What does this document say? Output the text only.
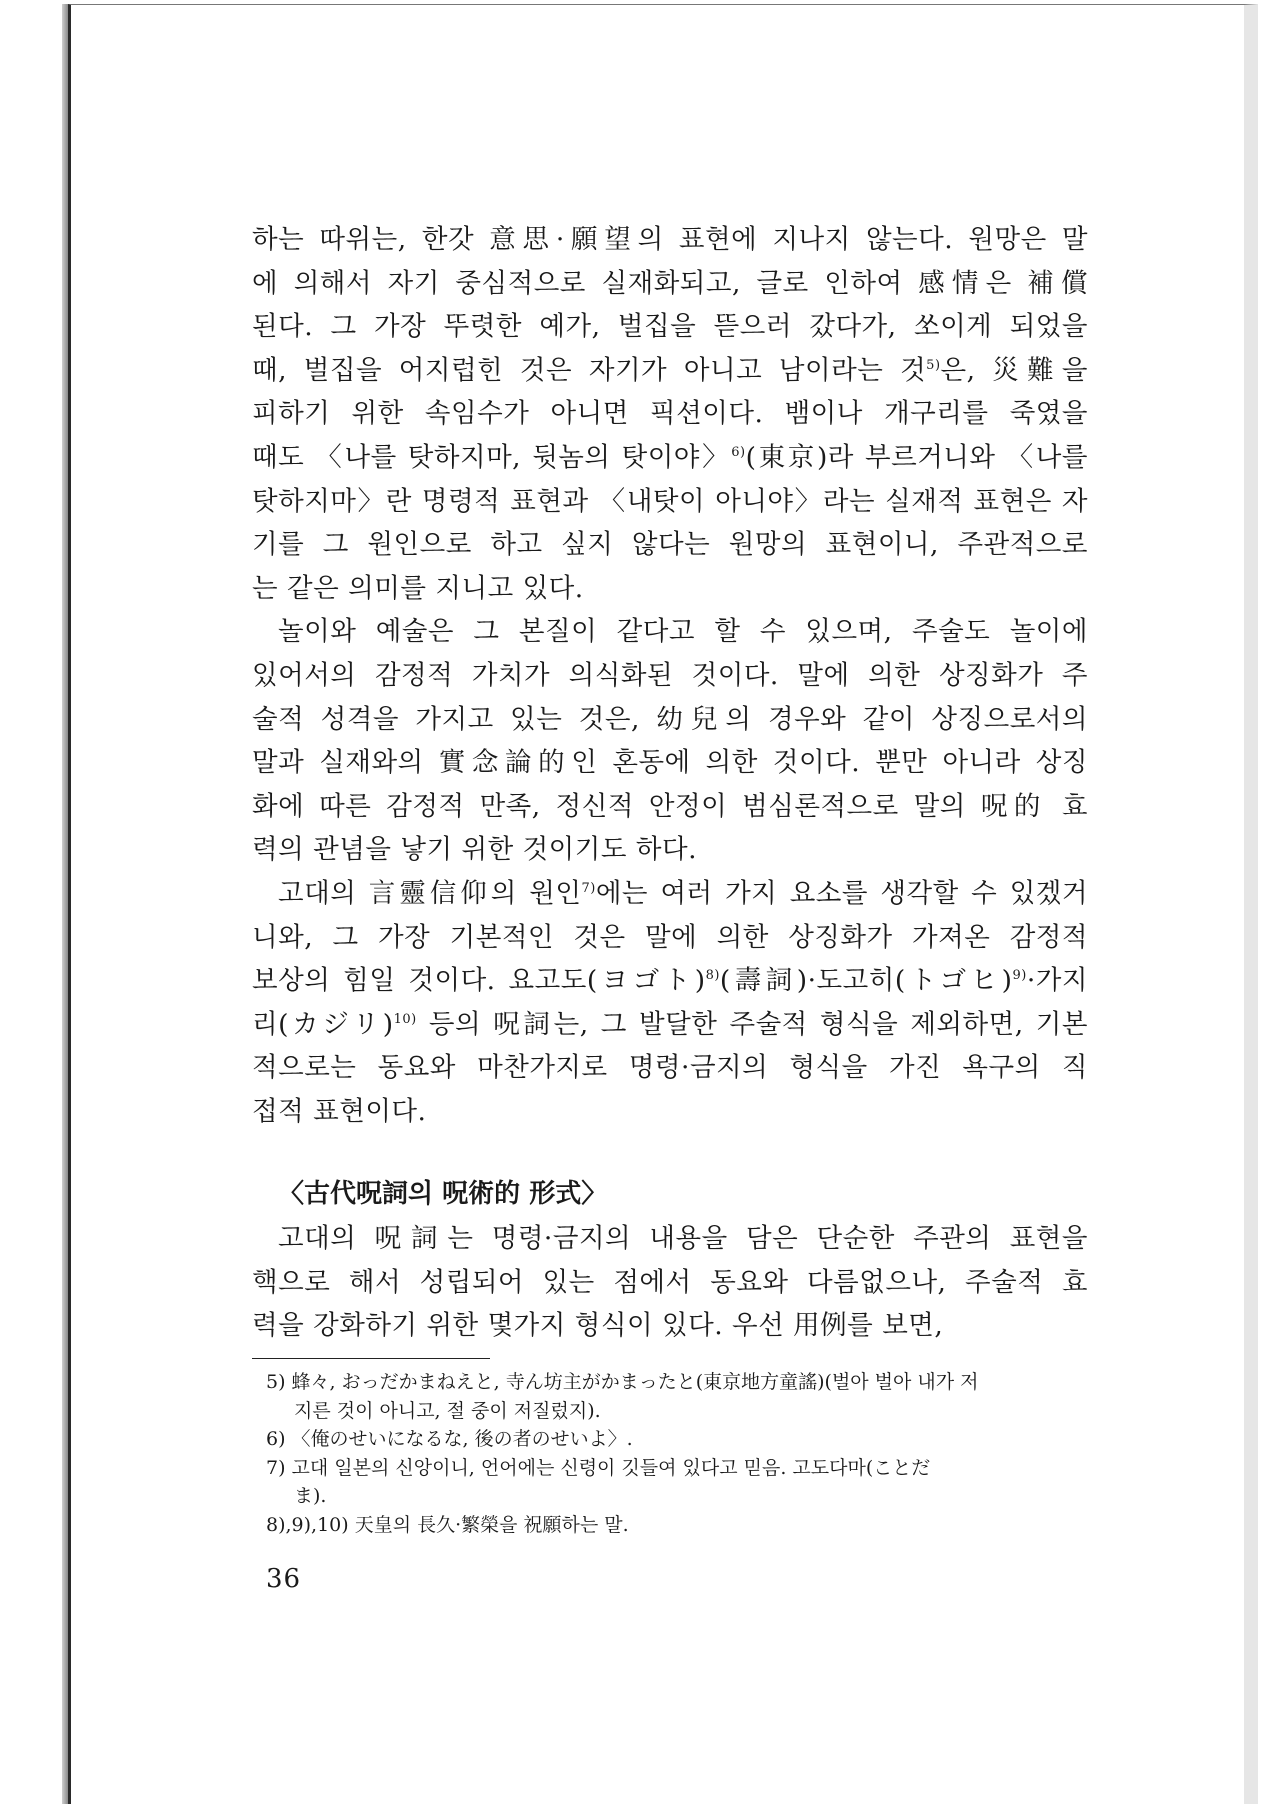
하는 따위는, 한갓 意思·願望의 표현에 지나지 않는다. 원망은 말
에 의해서 자기 중심적으로 실재화되고, 글로 인하여 感情은 補償
된다. 그 가장 뚜렷한 예가, 벌집을 뜯으러 갔다가, 쏘이게 되었을
때, 벌집을 어지럽힌 것은 자기가 아니고 남이라는 것$^{5)}$은, 災難을
피하기 위한 속임수가 아니면 픽션이다. 뱀이나 개구리를 죽였을
때도 〈나를 탓하지마, 뒷놈의 탓이야〉$^{6)}$(東京)라 부르거니와 〈나를
탓하지마〉란 명령적 표현과 〈내탓이 아니야〉라는 실재적 표현은 자
기를 그 원인으로 하고 싶지 않다는 원망의 표현이니, 주관적으로
는 같은 의미를 지니고 있다.
놀이와 예술은 그 본질이 같다고 할 수 있으며, 주술도 놀이에
있어서의 감정적 가치가 의식화된 것이다. 말에 의한 상징화가 주
술적 성격을 가지고 있는 것은, 幼兒의 경우와 같이 상징으로서의
말과 실재와의 實念論的인 혼동에 의한 것이다. 뿐만 아니라 상징
화에 따른 감정적 만족, 정신적 안정이 범심론적으로 말의 呪的 효
력의 관념을 낳기 위한 것이기도 하다.
고대의 言靈信仰의 원인$^{7)}$에는 여러 가지 요소를 생각할 수 있겠거
니와, 그 가장 기본적인 것은 말에 의한 상징화가 가져온 감정적
보상의 힘일 것이다. 요고도(ヨゴト)$^{8)}$(壽詞)·도고히(トゴヒ)$^{9)}$·가지
리(カジリ)$^{10)}$ 등의 呪詞는, 그 발달한 주술적 형식을 제외하면, 기본
적으로는 동요와 마찬가지로 명령·금지의 형식을 가진 욕구의 직
접적 표현이다.
〈古代呪詞의 呪術的 形式〉
고대의 呪詞는 명령·금지의 내용을 담은 단순한 주관의 표현을
핵으로 해서 성립되어 있는 점에서 동요와 다름없으나, 주술적 효
력을 강화하기 위한 몇가지 형식이 있다. 우선 用例를 보면,
5) 蜂々, おっだかまねえと, 寺ん坊主がかまったと(東京地方童謠)(벌아 벌아 내가 저
지른 것이 아니고, 절 중이 저질렀지).
6) 〈俺のせいになるな, 後の者のせいよ〉.
7) 고대 일본의 신앙이니, 언어에는 신령이 깃들여 있다고 믿음. 고도다마(ことだ
ま).
8),9),10) 天皇의 長久·繁榮을 祝願하는 말.
36
